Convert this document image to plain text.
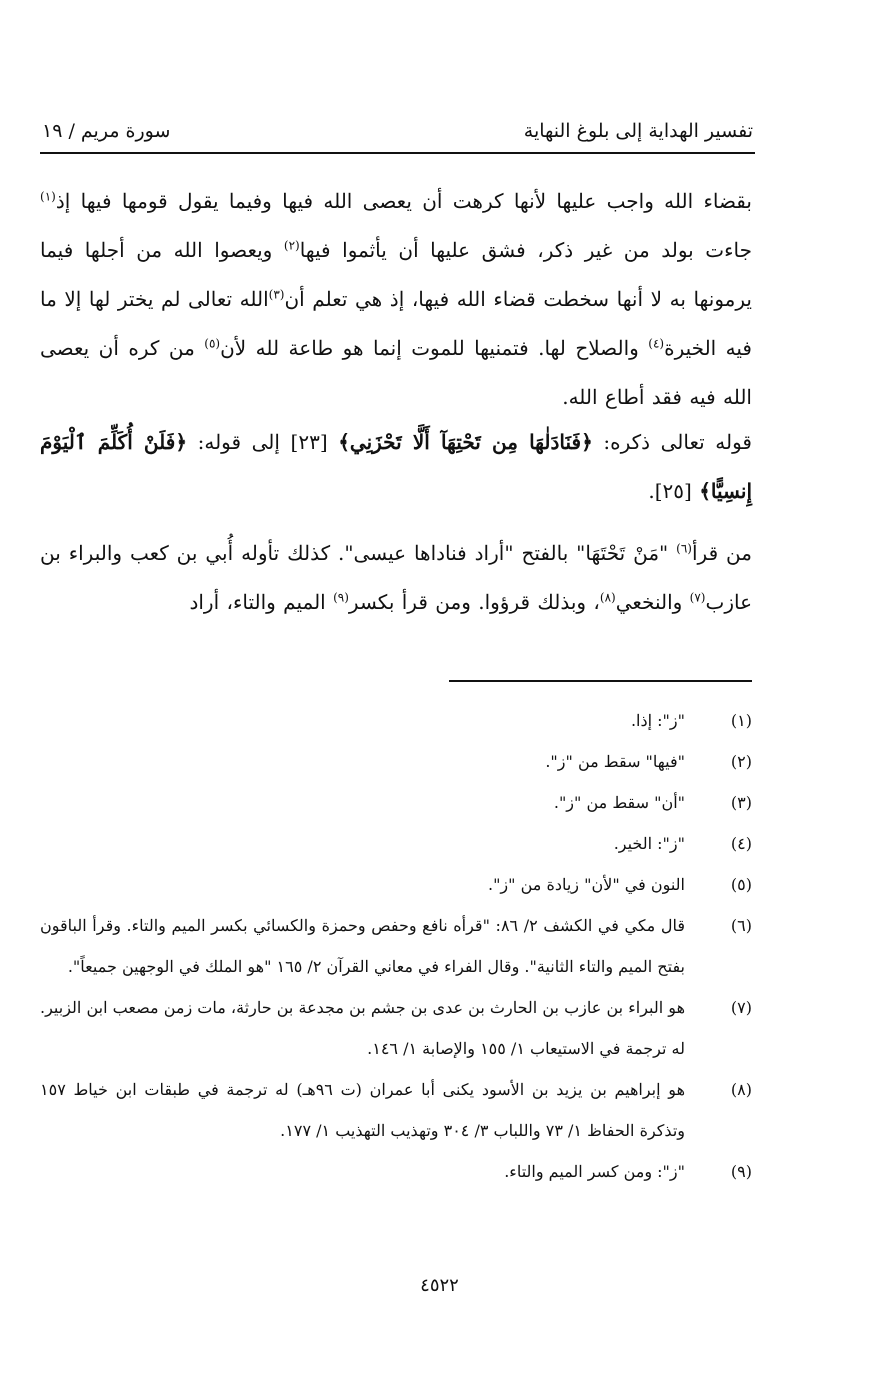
تفسير الهداية إلى بلوغ النهاية
سورة مريم / ١٩

بقضاء الله واجب عليها لأنها كرهت أن يعصى الله فيها وفيما يقول قومها فيها إذ$^{(١)}$ جاءت بولد من غير ذكر، فشق عليها أن يأثموا فيها$^{(٢)}$ ويعصوا الله من أجلها فيما يرمونها به لا أنها سخطت قضاء الله فيها، إذ هي تعلم أن$^{(٣)}$الله تعالى لم يختر لها إلا ما فيه الخيرة$^{(٤)}$ والصلاح لها. فتمنيها للموت إنما هو طاعة لله لأن$^{(٥)}$ من كره أن يعصى الله فيه فقد أطاع الله.

قوله تعالى ذكره: ﴿فَنَادَلٰهَا مِن تَحْتِهَآ أَلَّا تَحْزَنِي﴾ [٢٣] إلى قوله: ﴿فَلَنْ أُكَلِّمَ ٱلْيَوْمَ إِنسِيًّا﴾ [٢٥].

من قرأ$^{(٦)}$ "مَنْ تَحْتَهَا" بالفتح "أراد فناداها عيسى". كذلك تأوله أُبي بن كعب والبراء بن عازب$^{(٧)}$ والنخعي$^{(٨)}$، وبذلك قرؤوا. ومن قرأ بكسر$^{(٩)}$ الميم والتاء، أراد

(١)
"ز": إذا.
(٢)
"فيها" سقط من "ز".
(٣)
"أن" سقط من "ز".
(٤)
"ز": الخير.
(٥)
النون في "لأن" زيادة من "ز".
(٦)
قال مكي في الكشف ٢/ ٨٦: "قرأه نافع وحفص وحمزة والكسائي بكسر الميم والتاء. وقرأ الباقون بفتح الميم والتاء الثانية". وقال الفراء في معاني القرآن ٢/ ١٦٥ "هو الملك في الوجهين جميعاً".
(٧)
هو البراء بن عازب بن الحارث بن عدى بن جشم بن مجدعة بن حارثة، مات زمن مصعب ابن الزبير. له ترجمة في الاستيعاب ١/ ١٥٥ والإصابة ١/ ١٤٦.
(٨)
هو إبراهيم بن يزيد بن الأسود يكنى أبا عمران (ت ٩٦هـ) له ترجمة في طبقات ابن خياط ١٥٧ وتذكرة الحفاظ ١/ ٧٣ واللباب ٣/ ٣٠٤ وتهذيب التهذيب ١/ ١٧٧.
(٩)
"ز": ومن كسر الميم والتاء.
٤٥٢٢
